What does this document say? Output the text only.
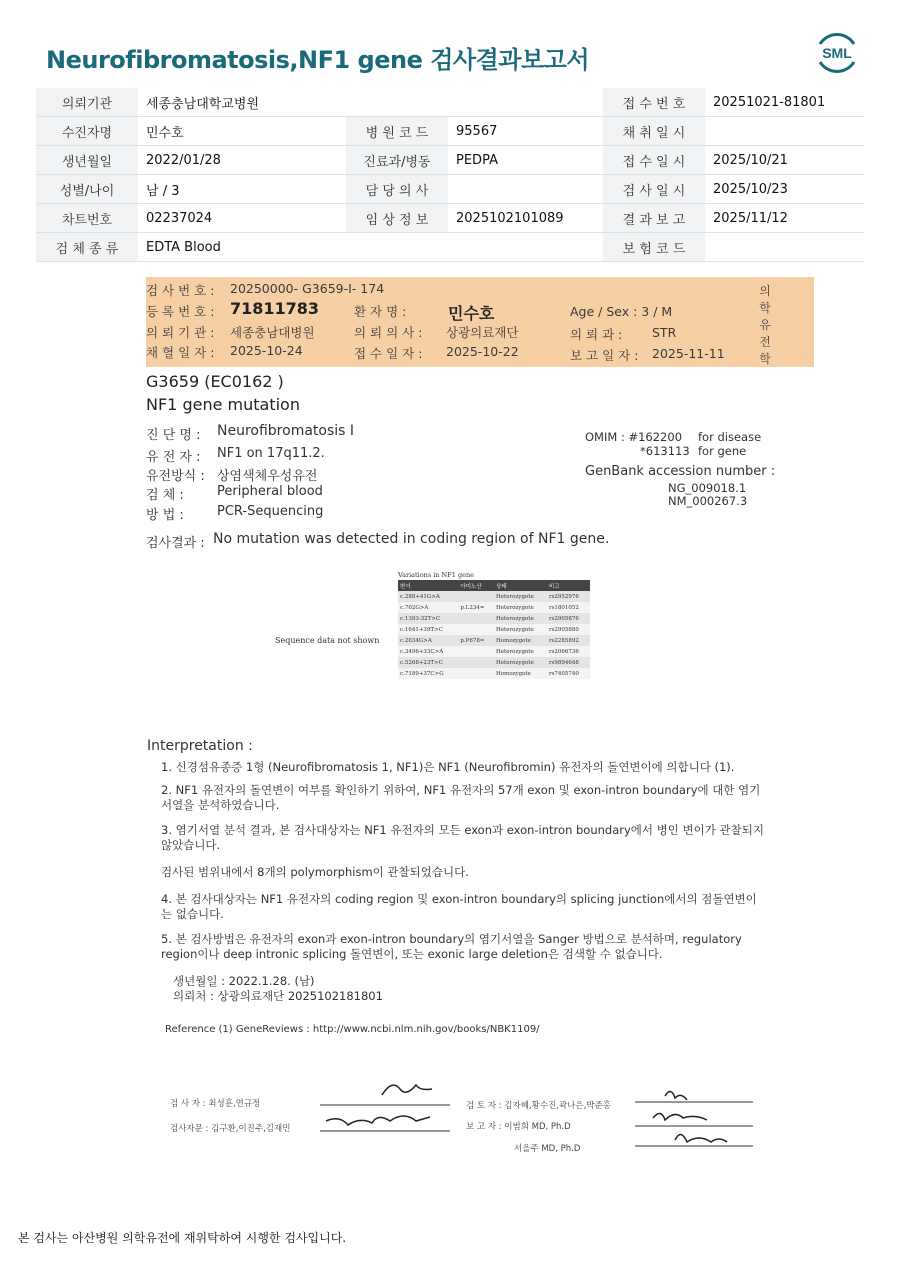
Neurofibromatosis,NF1 gene 검사결과보고서	SML
의뢰기관	세종충남대학교병원			접 수 번 호	20251021-81801
수진자명	민수호	병 원 코 드	95567	채 취 일 시	
생년월일	2022/01/28	진료과/병동	PEDPA	접 수 일 시	2025/10/21
성별/나이	남 / 3	담 당 의 사		검 사 일 시	2025/10/23
차트번호	02237024	임 상 정 보	2025102101089	결 과 보 고	2025/11/12
검 체 종 류	EDTA Blood			보 험 코 드	
검 사 번 호 : 20250000- G3659-I- 174
등 록 번 호 : 71811783	환 자 명 :	민수호	Age / Sex : 3 / M
의 뢰 기 관 : 세종충남대병원	의 뢰 의 사 : 상광의료재단	의 뢰 과 : STR
채 혈 일 자 : 2025-10-24	접 수 일 자 : 2025-10-22	보 고 일 자 : 2025-11-11
의학유전학
G3659 (EC0162 )
NF1 gene mutation
진 단 명 : Neurofibromatosis I
유 전 자 : NF1 on 17q11.2.
유전방식 : 상염색체우성유전
검 체 :	Peripheral blood
방 법 :	PCR-Sequencing
OMIM : #162200 for disease
*613113 for gene
GenBank accession number :
NG_009018.1
NM_000267.3
검사결과 : No mutation was detected in coding region of NF1 gene.
Variations in NF1 gene
변이	아미노산	상태	비고
c.288+41G>A		Heterozygote	rs2952976
c.702G>A	p.L234=	Heterozygote	rs1801052
c.1393-32T>C		Heterozygote	rs2905876
c.1641+39T>C		Heterozygote	rs2905880
c.2034G>A	p.P678=	Homozygote	rs2285892
c.3496+33C>A		Heterozygote	rs2066736
c.5268+23T>C		Heterozygote	rs9894648
c.7189+37C>G		Homozygote	rs7405740
Sequence data not shown
Interpretation :

1. 신경섬유종증 1형 (Neurofibromatosis 1, NF1)은 NF1 (Neurofibromin) 유전자의 돌연변이에 의합니다 (1).

2. NF1 유전자의 돌연변이 여부를 확인하기 위하여, NF1 유전자의 57개 exon 및 exon-intron boundary에 대한 염기서열을 분석하였습니다.

3. 염기서열 분석 결과, 본 검사대상자는 NF1 유전자의 모든 exon과 exon-intron boundary에서 병인 변이가 관찰되지 않았습니다.

검사된 범위내에서 8개의 polymorphism이 관찰되었습니다.

4. 본 검사대상자는 NF1 유전자의 coding region 및 exon-intron boundary의 splicing junction에서의 점돌연변이는 없습니다.

5. 본 검사방법은 유전자의 exon과 exon-intron boundary의 염기서열을 Sanger 방법으로 분석하며, regulatory region이나 deep intronic splicing 돌연변이, 또는 exonic large deletion은 검색할 수 없습니다.

생년월일 : 2022.1.28. (남)

의뢰처 : 상광의료재단 2025102181801

Reference (1) GeneReviews : http://www.ncbi.nlm.nih.gov/books/NBK1109/

검 사 자 : 최성훈,연규정
검사자문 : 김구환,이진주,김재민
검 토 자 : 김자혜,황수진,곽나은,박준홍
보 고 자 : 이범희 MD, Ph.D
서을주 MD, Ph.D
본 검사는 아산병원 의학유전에 재위탁하여 시행한 검사입니다.
